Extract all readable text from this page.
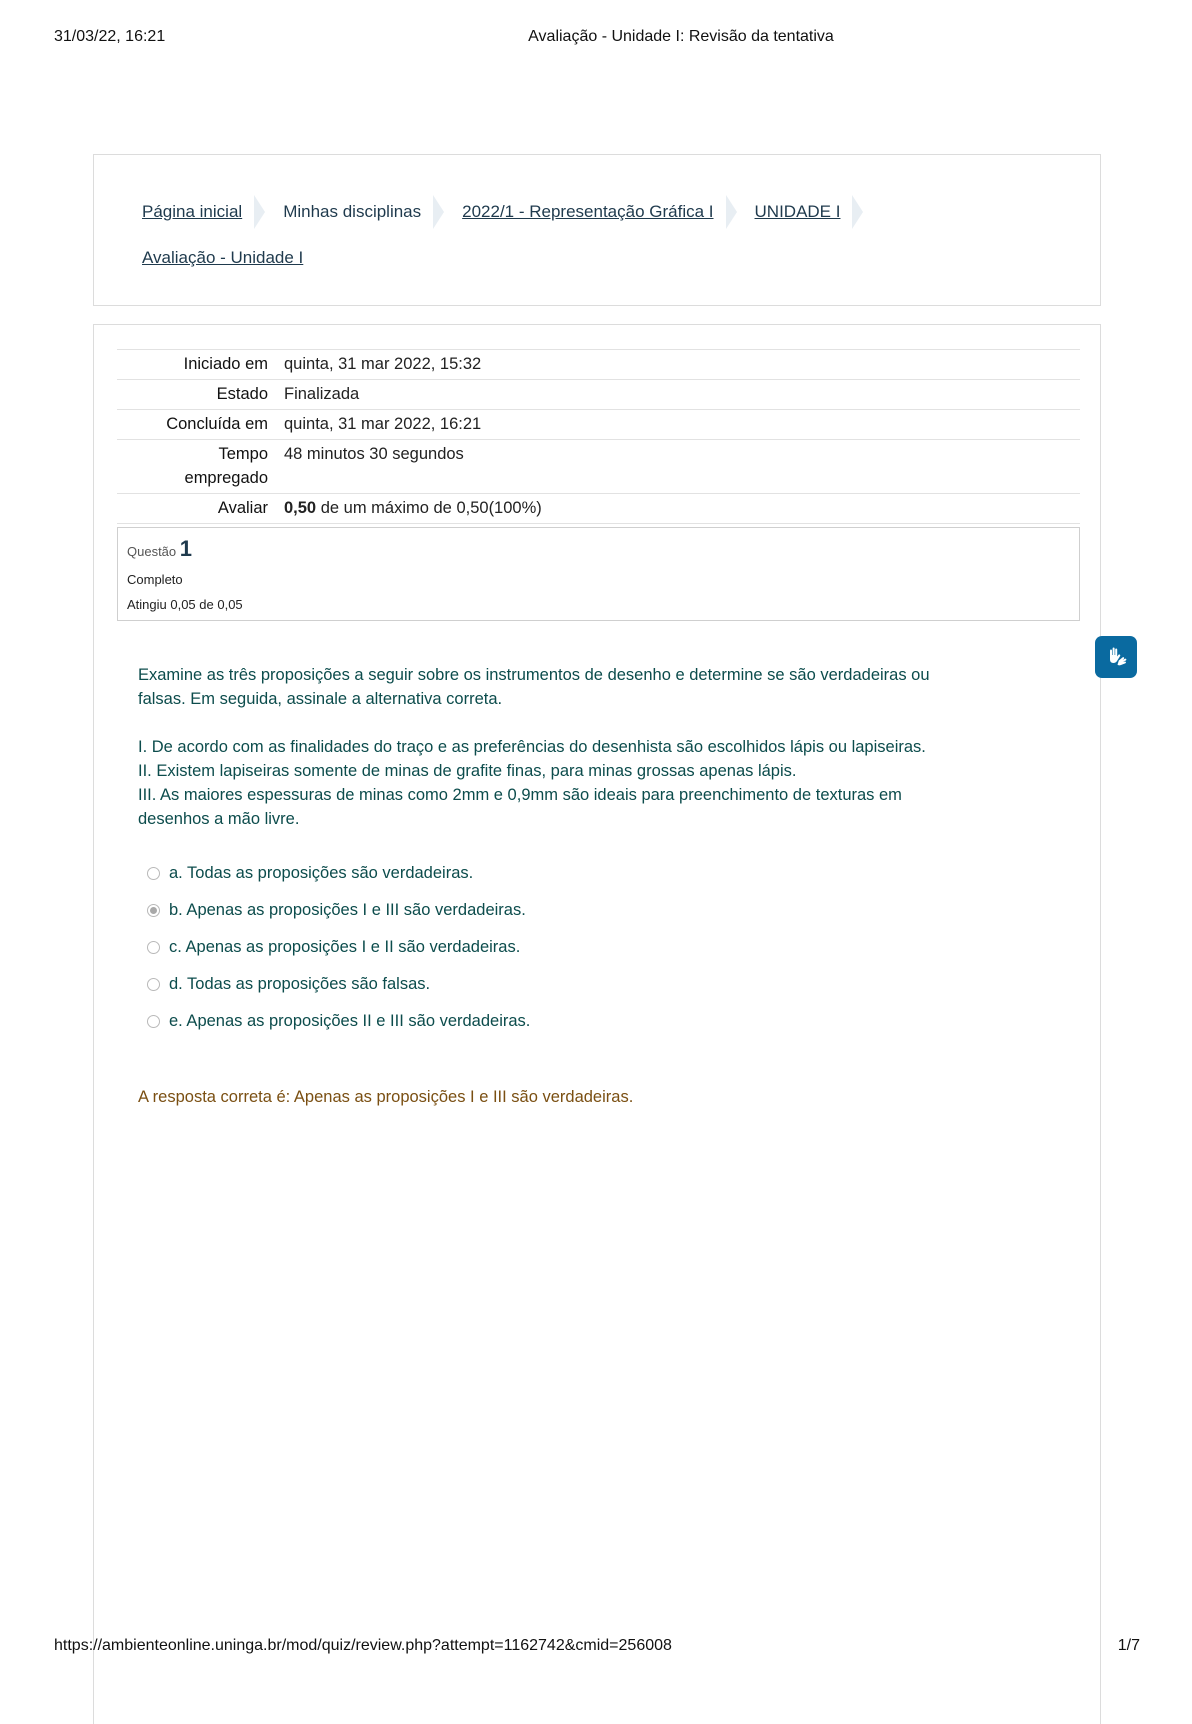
31/03/22, 16:21	Avaliação - Unidade I: Revisão da tentativa
Página inicial Minhas disciplinas 2022/1 - Representação Gráfica I UNIDADE I
Avaliação - Unidade I
Iniciado em	quinta, 31 mar 2022, 15:32
Estado	Finalizada
Concluída em	quinta, 31 mar 2022, 16:21
Tempo
empregado	48 minutos 30 segundos
Avaliar	0,50 de um máximo de 0,50(100%)
Questão 1
Completo
Atingiu 0,05 de 0,05

Examine as três proposições a seguir sobre os instrumentos de desenho e determine se são verdadeiras ou

falsas. Em seguida, assinale a alternativa correta.

I. De acordo com as finalidades do traço e as preferências do desenhista são escolhidos lápis ou lapiseiras.

II. Existem lapiseiras somente de minas de grafite finas, para minas grossas apenas lápis.

III. As maiores espessuras de minas como 2mm e 0,9mm são ideais para preenchimento de texturas em

desenhos a mão livre.

a. Todas as proposições são verdadeiras.
b. Apenas as proposições I e III são verdadeiras.
c. Apenas as proposições I e II são verdadeiras.
d. Todas as proposições são falsas.
e. Apenas as proposições II e III são verdadeiras.
A resposta correta é: Apenas as proposições I e III são verdadeiras.
https://ambienteonline.uninga.br/mod/quiz/review.php?attempt=1162742&cmid=256008	1/7
